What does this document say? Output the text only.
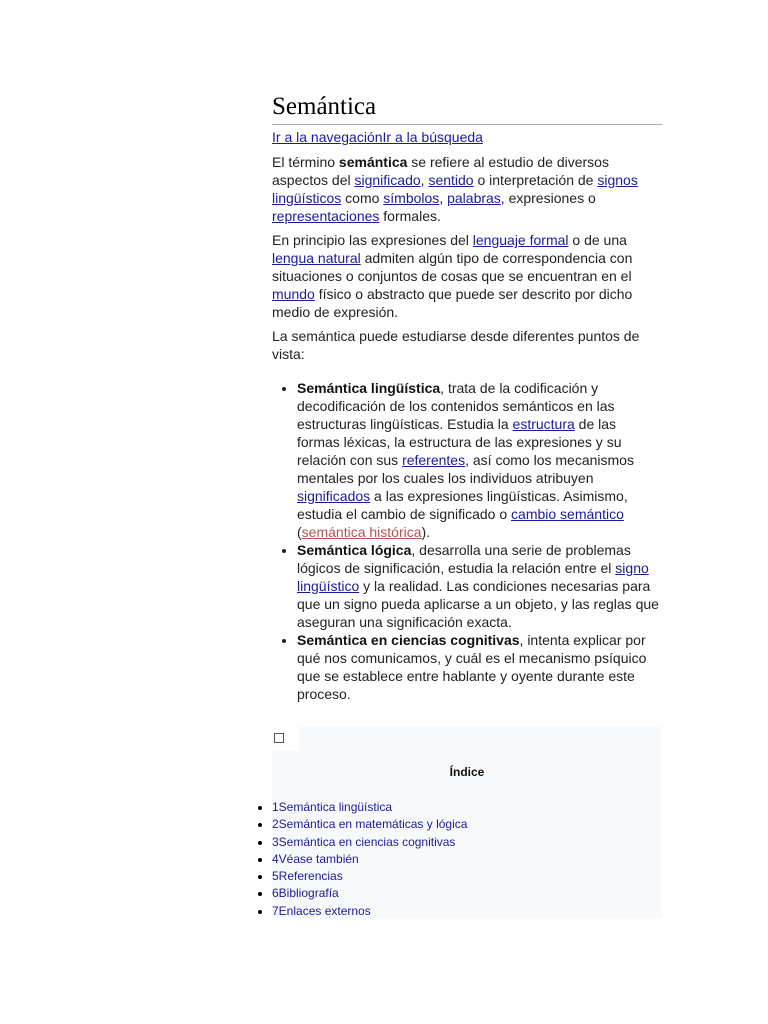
Semántica
Ir a la navegaciónIr a la búsqueda

El término semántica se refiere al estudio de diversos aspectos del significado, sentido o interpretación de signos lingüísticos como símbolos, palabras, expresiones o representaciones formales.

En principio las expresiones del lenguaje formal o de una lengua natural admiten algún tipo de correspondencia con situaciones o conjuntos de cosas que se encuentran en el mundo físico o abstracto que puede ser descrito por dicho medio de expresión.

La semántica puede estudiarse desde diferentes puntos de vista:

• Semántica lingüística, trata de la codificación y decodificación de los contenidos semánticos en las estructuras lingüísticas. Estudia la estructura de las formas léxicas, la estructura de las expresiones y su relación con sus referentes, así como los mecanismos mentales por los cuales los individuos atribuyen significados a las expresiones lingüísticas. Asimismo, estudia el cambio de significado o cambio semántico (semántica histórica).
• Semántica lógica, desarrolla una serie de problemas lógicos de significación, estudia la relación entre el signo lingüístico y la realidad. Las condiciones necesarias para que un signo pueda aplicarse a un objeto, y las reglas que aseguran una significación exacta.
• Semántica en ciencias cognitivas, intenta explicar por qué nos comunicamos, y cuál es el mecanismo psíquico que se establece entre hablante y oyente durante este proceso.
Índice
• 1Semántica lingüística
• 2Semántica en matemáticas y lógica
• 3Semántica en ciencias cognitivas
• 4Véase también
• 5Referencias
• 6Bibliografía
• 7Enlaces externos
